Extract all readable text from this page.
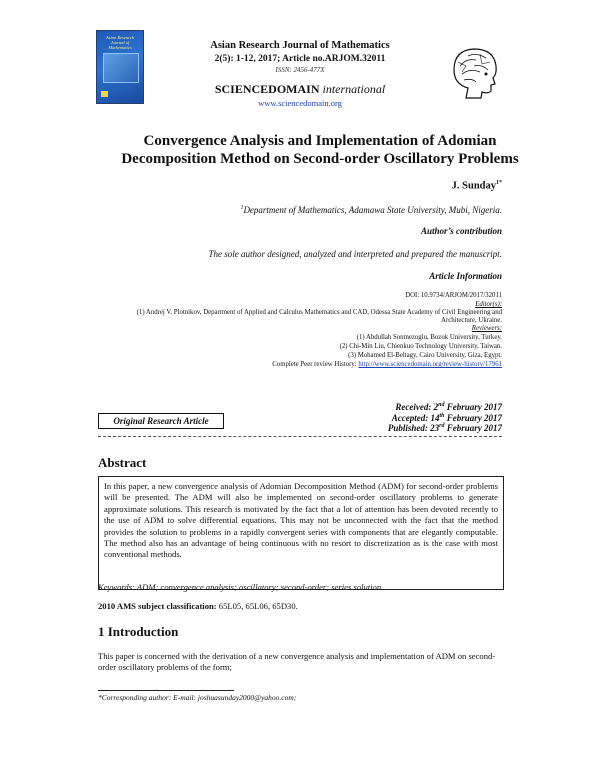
Asian Research Journal of Mathematics	Asian Research Journal of Mathematics
2(5): 1-12, 2017; Article no.ARJOM.32011
ISSN: 2456-477X
SCIENCEDOMAIN international
www.sciencedomain.org
Convergence Analysis and Implementation of Adomian Decomposition Method on Second-order Oscillatory Problems
J. Sunday$^{1*}$
$^1$Department of Mathematics, Adamawa State University, Mubi, Nigeria.
Author’s contribution
The sole author designed, analyzed and interpreted and prepared the manuscript.
Article Information
DOI: 10.9734/ARJOM/2017/32011
Editor(s):
(1) Andrej V. Plotnikov, Department of Applied and Calculus Mathematics and CAD, Odessa State Academy of Civil Engineering and Architecture, Ukraine.
Reviewers:
(1) Abdullah Sonmezoglu, Bozok University, Turkey.
(2) Chi-Min Liu, Chienkuo Technology University, Taiwan.
(3) Mohamed El-Beltagy, Cairo University, Giza, Egypt.
Complete Peer review History: http://www.sciencedomain.org/review-history/17961
Original Research Article
Received: 2nd February 2017
Accepted: 14th February 2017
Published: 23rd February 2017
Abstract
In this paper, a new convergence analysis of Adomian Decomposition Method (ADM) for second-order problems will be presented. The ADM will also be implemented on second-order oscillatory problems to generate approximate solutions. This research is motivated by the fact that a lot of attention has been devoted recently to the use of ADM to solve differential equations. This may not be unconnected with the fact that the method provides the solution to problems in a rapidly convergent series with components that are elegantly computable. The method also has an advantage of being continuous with no resort to discretization as is the case with most conventional methods.
Keywords: ADM; convergence analysis; oscillatory; second-order; series solution.
2010 AMS subject classification: 65L05, 65L06, 65D30.
1 Introduction
This paper is concerned with the derivation of a new convergence analysis and implementation of ADM on second-order oscillatory problems of the form;
*Corresponding author: E-mail: joshuasunday2000@yahoo.com;
